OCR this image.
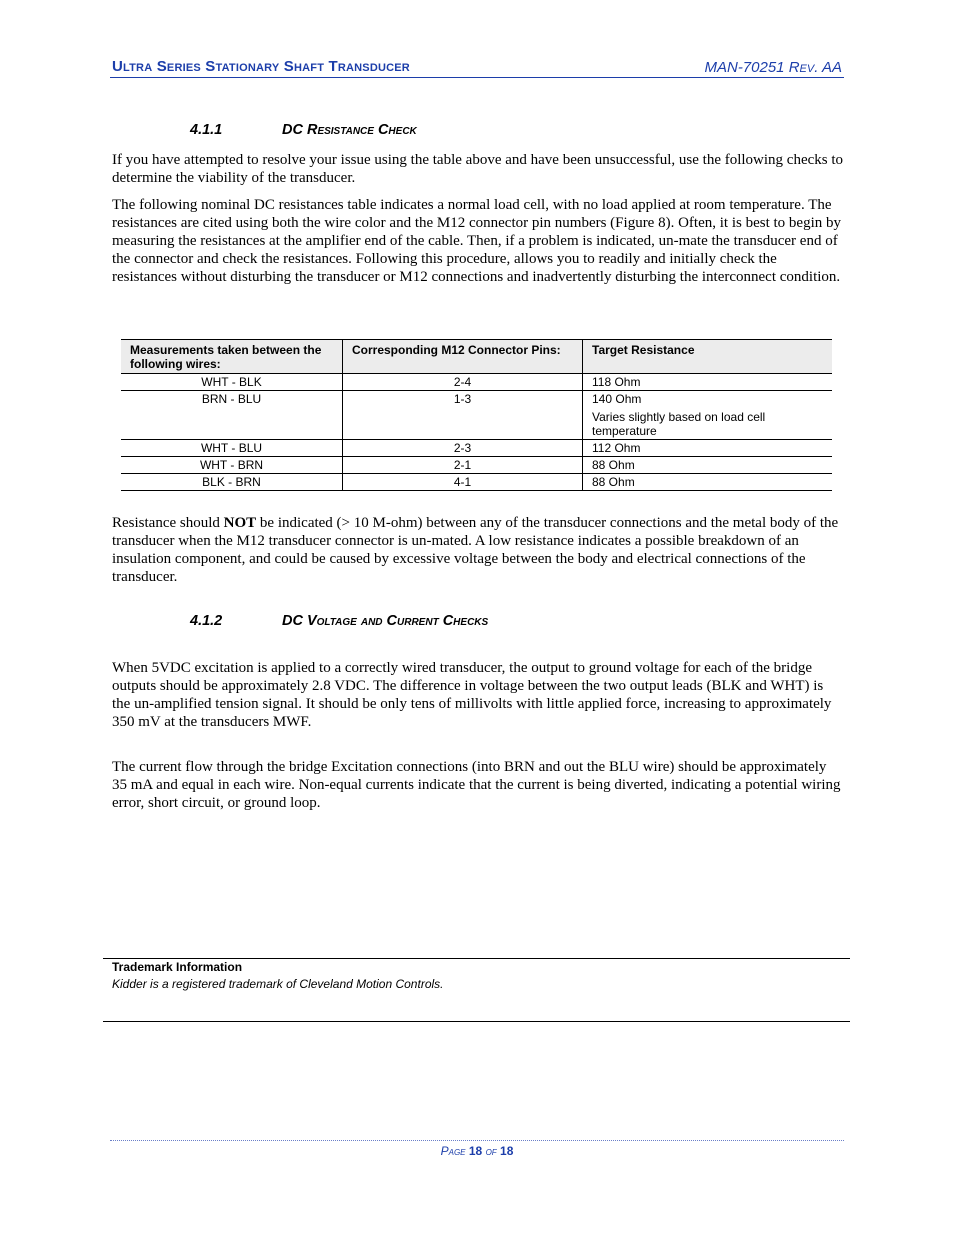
Ultra Series Stationary Shaft Transducer	MAN-70251 Rev. AA
4.1.1	DC Resistance Check

If you have attempted to resolve your issue using the table above and have been unsuccessful, use the following checks to determine the viability of the transducer.

The following nominal DC resistances table indicates a normal load cell, with no load applied at room temperature. The resistances are cited using both the wire color and the M12 connector pin numbers (Figure 8). Often, it is best to begin by measuring the resistances at the amplifier end of the cable. Then, if a problem is indicated, un-mate the transducer end of the connector and check the resistances. Following this procedure, allows you to readily and initially check the resistances without disturbing the transducer or M12 connections and inadvertently disturbing the interconnect condition.

Measurements taken between the following wires:	Corresponding M12 Connector Pins:	Target Resistance
WHT - BLK	2-4	118 Ohm
BRN - BLU	1-3	140 Ohm
Varies slightly based on load cell temperature

WHT - BLU	2-3	112 Ohm
WHT - BRN	2-1	88 Ohm
BLK - BRN	4-1	88 Ohm

Resistance should NOT be indicated (> 10 M-ohm) between any of the transducer connections and the metal body of the transducer when the M12 transducer connector is un-mated. A low resistance indicates a possible breakdown of an insulation component, and could be caused by excessive voltage between the body and electrical connections of the transducer.

4.1.2	DC Voltage and Current Checks

When 5VDC excitation is applied to a correctly wired transducer, the output to ground voltage for each of the bridge outputs should be approximately 2.8 VDC. The difference in voltage between the two output leads (BLK and WHT) is the un-amplified tension signal. It should be only tens of millivolts with little applied force, increasing to approximately 350 mV at the transducers MWF.

The current flow through the bridge Excitation connections (into BRN and out the BLU wire) should be approximately 35 mA and equal in each wire. Non-equal currents indicate that the current is being diverted, indicating a potential wiring error, short circuit, or ground loop.

Trademark Information
Kidder is a registered trademark of Cleveland Motion Controls.
Page 18 of 18
